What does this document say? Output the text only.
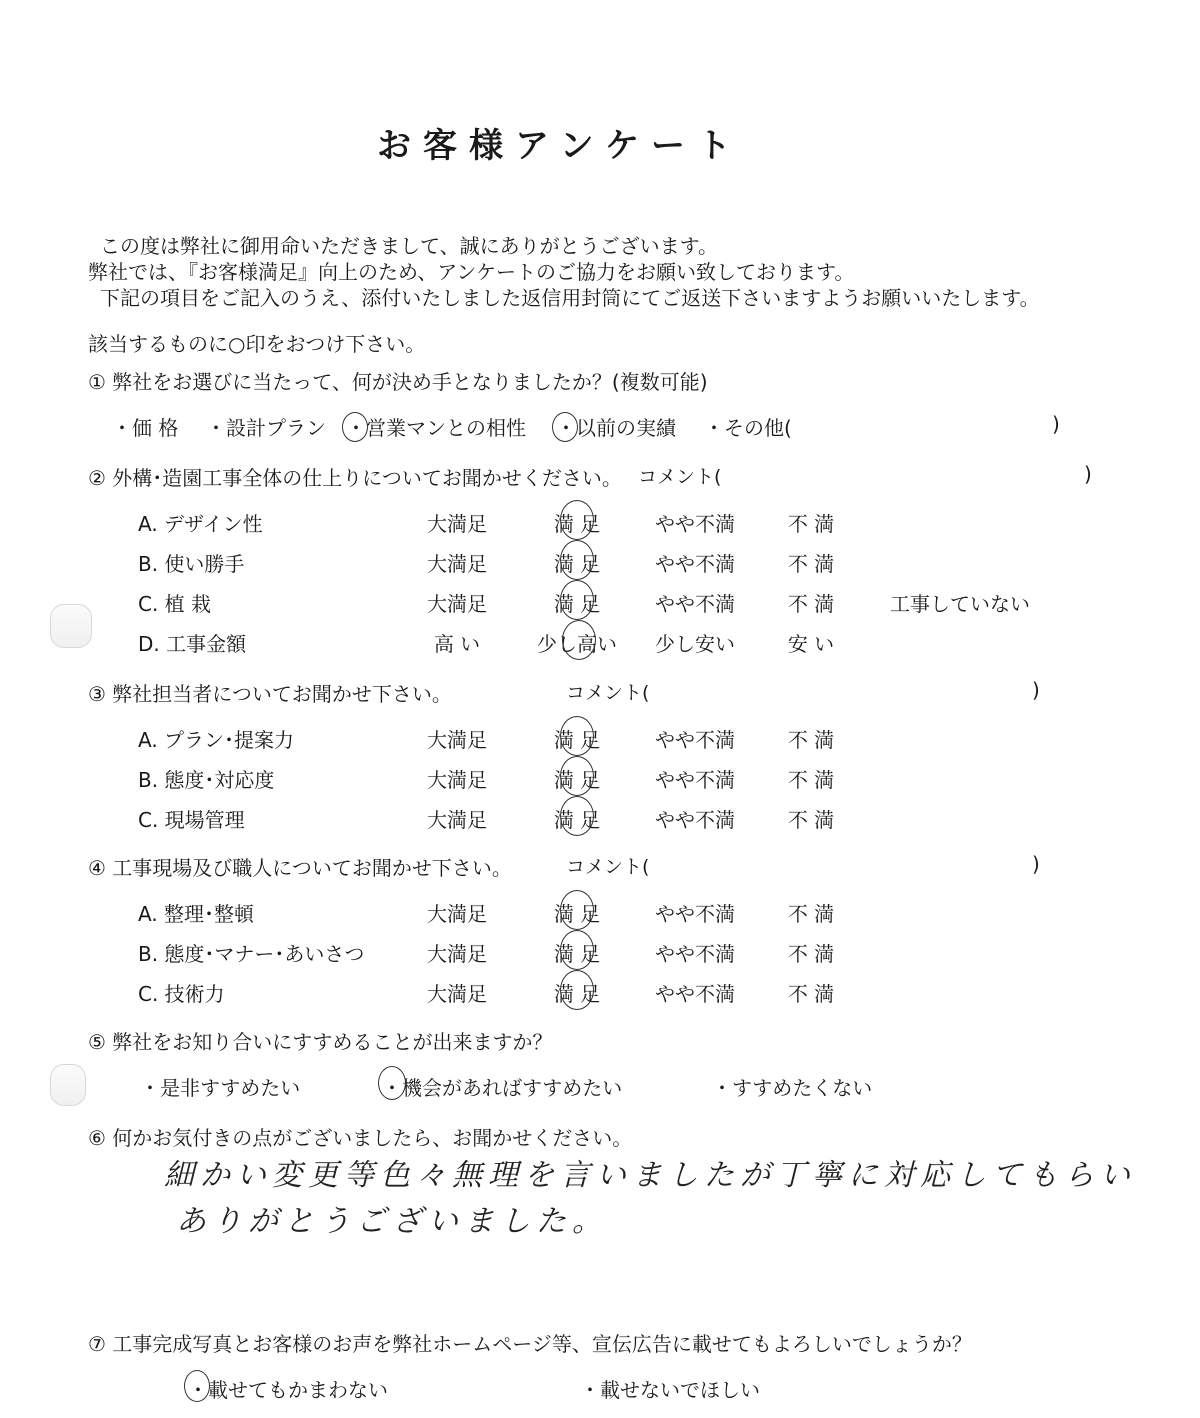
お客様アンケート
この度は弊社に御用命いただきまして、誠にありがとうございます。
弊社では、『お客様満足』向上のため、アンケートのご協力をお願い致しております。
下記の項目をご記入のうえ、添付いたしました返信用封筒にてご返送下さいますようお願いいたします。
該当するものに○印をおつけ下さい。
① 弊社をお選びに当たって、何が決め手となりましたか？(複数可能)
・価 格 ・設計プラン ・営業マンとの相性 ・以前の実績 ・その他(	)
② 外構･造園工事全体の仕上りについてお聞かせください。 コメント(	)
A. デザイン性	大満足	満 足	やや不満	不 満
B. 使い勝手	大満足	満 足	やや不満	不 満
C. 植 栽	大満足	満 足	やや不満	不 満	工事していない
D. 工事金額	高 い	少し高い	少し安い	安 い
③ 弊社担当者についてお聞かせ下さい。	コメント(	)
A. プラン･提案力	大満足	満 足	やや不満	不 満
B. 態度･対応度	大満足	満 足	やや不満	不 満
C. 現場管理	大満足	満 足	やや不満	不 満
④ 工事現場及び職人についてお聞かせ下さい。	コメント(	)
A. 整理･整頓	大満足	満 足	やや不満	不 満
B. 態度･マナー･あいさつ	大満足	満 足	やや不満	不 満
C. 技術力	大満足	満 足	やや不満	不 満
⑤ 弊社をお知り合いにすすめることが出来ますか？
・是非すすめたい	・機会があればすすめたい	・すすめたくない
⑥ 何かお気付きの点がございましたら、お聞かせください。
細かい変更等色々無理を言いましたが丁寧に対応してもらい
ありがとうございました。
⑦ 工事完成写真とお客様のお声を弊社ホームページ等、宣伝広告に載せてもよろしいでしょうか？
・載せてもかまわない	・載せないでほしい
